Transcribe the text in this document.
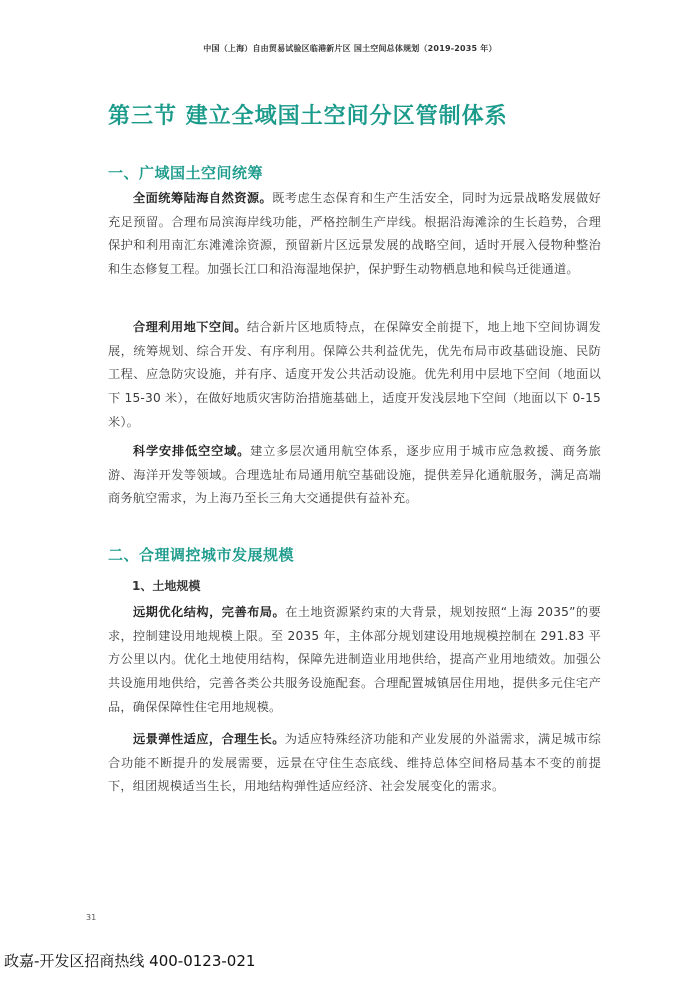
中国（上海）自由贸易试验区临港新片区 国土空间总体规划（2019-2035 年）
第三节 建立全域国土空间分区管制体系
一、广域国土空间统筹
全面统筹陆海自然资源。既考虑生态保育和生产生活安全，同时为远景战略发展做好充足预留。合理布局滨海岸线功能，严格控制生产岸线。根据沿海滩涂的生长趋势，合理保护和利用南汇东滩滩涂资源，预留新片区远景发展的战略空间，适时开展入侵物种整治和生态修复工程。加强长江口和沿海湿地保护，保护野生动物栖息地和候鸟迁徙通道。
合理利用地下空间。结合新片区地质特点，在保障安全前提下，地上地下空间协调发展，统筹规划、综合开发、有序利用。保障公共利益优先，优先布局市政基础设施、民防工程、应急防灾设施，并有序、适度开发公共活动设施。优先利用中层地下空间（地面以下 15-30 米），在做好地质灾害防治措施基础上，适度开发浅层地下空间（地面以下 0-15 米）。
科学安排低空空域。建立多层次通用航空体系，逐步应用于城市应急救援、商务旅游、海洋开发等领域。合理选址布局通用航空基础设施，提供差异化通航服务，满足高端商务航空需求，为上海乃至长三角大交通提供有益补充。
二、合理调控城市发展规模
1、土地规模
远期优化结构，完善布局。在土地资源紧约束的大背景，规划按照“上海 2035”的要求，控制建设用地规模上限。至 2035 年，主体部分规划建设用地规模控制在 291.83 平方公里以内。优化土地使用结构，保障先进制造业用地供给，提高产业用地绩效。加强公共设施用地供给，完善各类公共服务设施配套。合理配置城镇居住用地，提供多元住宅产品，确保保障性住宅用地规模。
远景弹性适应，合理生长。为适应特殊经济功能和产业发展的外溢需求，满足城市综合功能不断提升的发展需要，远景在守住生态底线、维持总体空间格局基本不变的前提下，组团规模适当生长，用地结构弹性适应经济、社会发展变化的需求。
31
政嘉-开发区招商热线 400-0123-021
